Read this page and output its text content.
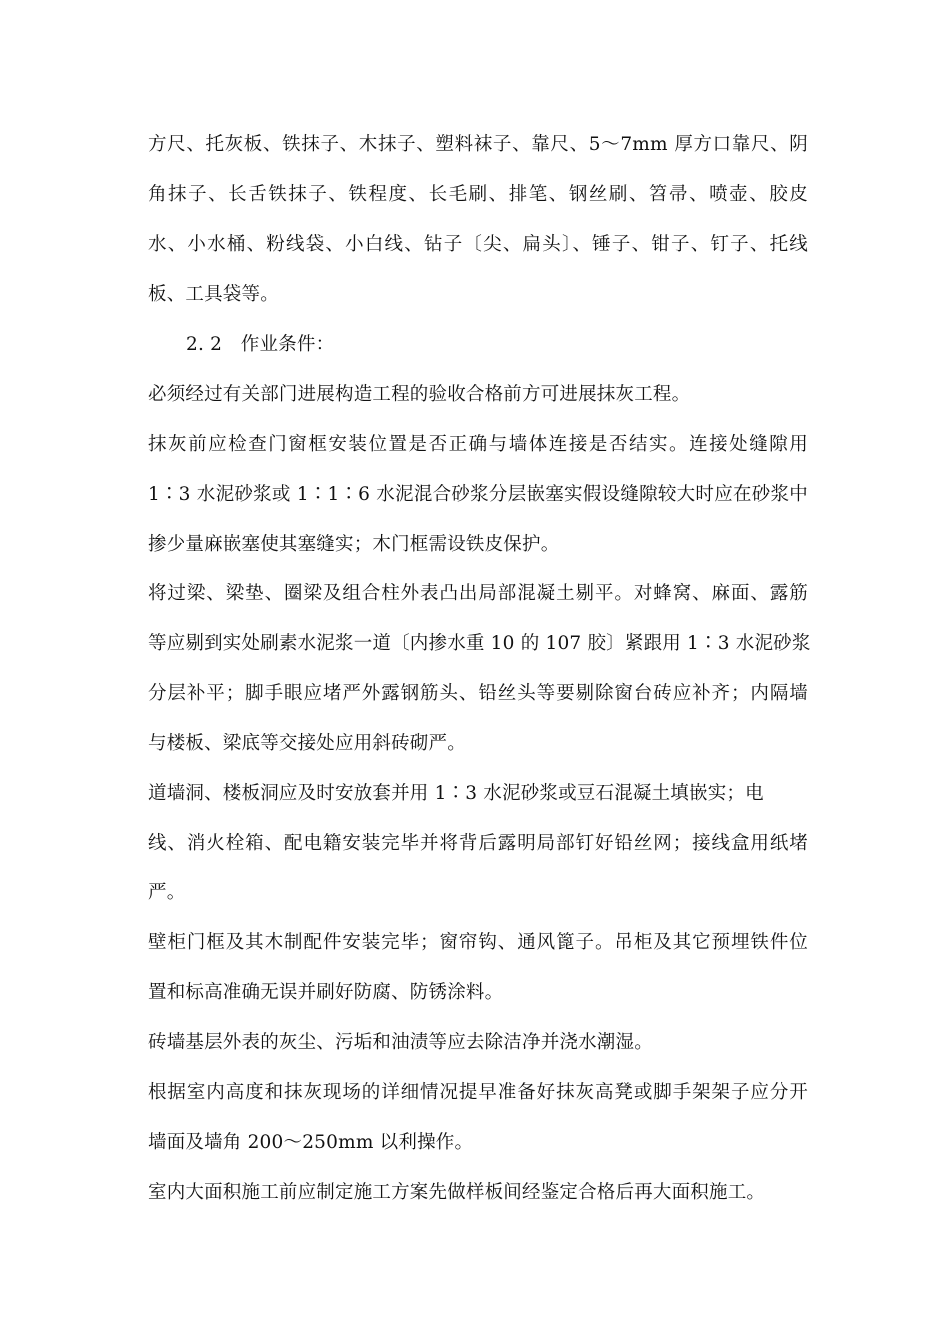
方尺、托灰板、铁抹子、木抹子、塑料袜子、靠尺、5～7mm 厚方口靠尺、阴
角抹子、长舌铁抹子、铁程度、长毛刷、排笔、钢丝刷、笤帚、喷壶、胶皮
水、小水桶、粉线袋、小白线、钻子〔尖、扁头〕、锤子、钳子、钉子、托线
板、工具袋等。
2. 2　作业条件：
必须经过有关部门进展构造工程的验收合格前方可进展抹灰工程。
抹灰前应检查门窗框安装位置是否正确与墙体连接是否结实。连接处缝隙用
1∶3 水泥砂浆或 1∶1∶6 水泥混合砂浆分层嵌塞实假设缝隙较大时应在砂浆中
掺少量麻嵌塞使其塞缝实；木门框需设铁皮保护。
将过梁、梁垫、圈梁及组合柱外表凸出局部混凝土剔平。对蜂窝、麻面、露筋
等应剔到实处刷素水泥浆一道〔内掺水重 10 的 107 胶〕紧跟用 1∶3 水泥砂浆
分层补平；脚手眼应堵严外露钢筋头、铅丝头等要剔除窗台砖应补齐；内隔墙
与楼板、梁底等交接处应用斜砖砌严。
道墙洞、楼板洞应及时安放套并用 1∶3 水泥砂浆或豆石混凝土填嵌实；电
线、消火栓箱、配电籍安装完毕并将背后露明局部钉好铅丝网；接线盒用纸堵
严。
壁柜门框及其木制配件安装完毕；窗帘钩、通风篦子。吊柜及其它预埋铁件位
置和标高准确无误并刷好防腐、防锈涂料。
砖墙基层外表的灰尘、污垢和油渍等应去除洁净并浇水潮湿。
根据室内高度和抹灰现场的详细情况提早准备好抹灰高凳或脚手架架子应分开
墙面及墙角 200～250mm 以利操作。
室内大面积施工前应制定施工方案先做样板间经鉴定合格后再大面积施工。
